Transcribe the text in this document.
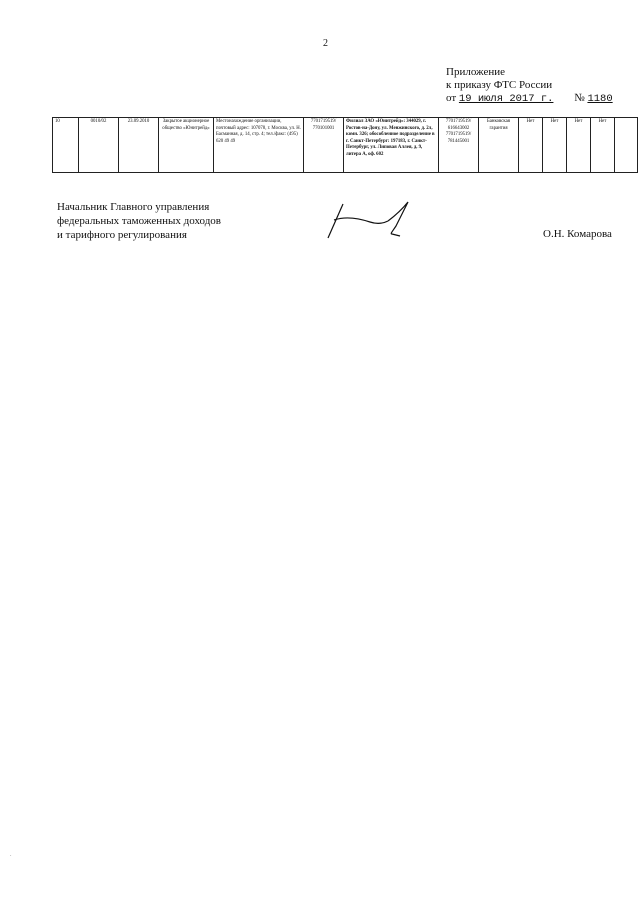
2
Приложение
к приказу ФТС России
от 19 июля 2017 г. № 1180
10	0010/02	23.09.2010	Закрытое акционерное общество «Юнитрейд»	Местонахождение организации, почтовый адрес: 107078, г. Москва, ул. Н. Басманная, д. 14, стр. 4; тел./факс: (495) 620 49 49	7701719519/ 770101001	Филиал ЗАО «Юнитрейд»: 344029, г. Ростов-на-Дону, ул. Менжинского, д. 2л, комн. 326; обособленное подразделение в г. Санкт-Петербург: 197183, г. Санкт-Петербург, ул. Липовая Аллея, д. 9, литера А, оф. 602	7701719519/ 616643002 7701719519/ 781445001	Банковская гарантия	Нет	Нет	Нет	Нет	
Начальник Главного управления
федеральных таможенных доходов
и тарифного регулирования	О.Н. Комарова
.
